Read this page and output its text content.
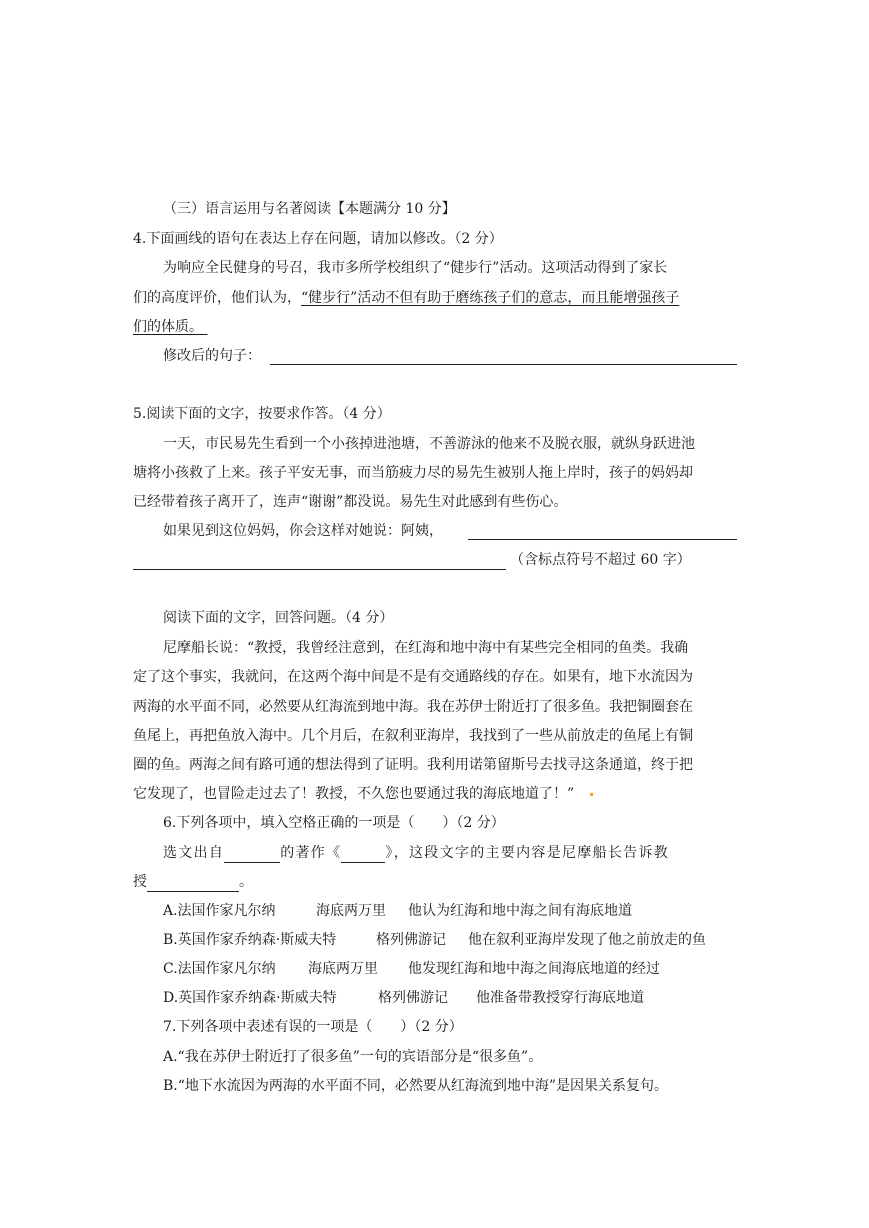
（三）语言运用与名著阅读【本题满分 10 分】
4.下面画线的语句在表达上存在问题，请加以修改。（2 分）
为响应全民健身的号召，我市多所学校组织了“健步行”活动。这项活动得到了家长
们的高度评价，他们认为，“健步行”活动不但有助于磨练孩子们的意志，而且能增强孩子
们的体质。
修改后的句子：
5.阅读下面的文字，按要求作答。（4 分）
一天，市民易先生看到一个小孩掉进池塘，不善游泳的他来不及脱衣服，就纵身跃进池
塘将小孩救了上来。孩子平安无事，而当筋疲力尽的易先生被别人拖上岸时，孩子的妈妈却
已经带着孩子离开了，连声“谢谢”都没说。易先生对此感到有些伤心。
如果见到这位妈妈，你会这样对她说：阿姨，
（含标点符号不超过 60 字）
阅读下面的文字，回答问题。（4 分）
尼摩船长说：“教授，我曾经注意到，在红海和地中海中有某些完全相同的鱼类。我确
定了这个事实，我就问，在这两个海中间是不是有交通路线的存在。如果有，地下水流因为
两海的水平面不同，必然要从红海流到地中海。我在苏伊士附近打了很多鱼。我把铜圈套在
鱼尾上，再把鱼放入海中。几个月后，在叙利亚海岸，我找到了一些从前放走的鱼尾上有铜
圈的鱼。两海之间有路可通的想法得到了证明。我利用诺第留斯号去找寻这条通道，终于把
它发现了，也冒险走过去了！教授，不久您也要通过我的海底地道了！”
6.下列各项中，填入空格正确的一项是（　　）（2 分）
选文出自	的著作《	》，这段文字的主要内容是尼摩船长告诉教
授	。
A.法国作家凡尔纳	海底两万里 他认为红海和地中海之间有海底地道
B.英国作家乔纳森·斯威夫特	格列佛游记 他在叙利亚海岸发现了他之前放走的鱼
C.法国作家凡尔纳 海底两万里 他发现红海和地中海之间海底地道的经过
D.英国作家乔纳森·斯威夫特	格列佛游记 他准备带教授穿行海底地道
7.下列各项中表述有误的一项是（　　）（2 分）
A.“我在苏伊士附近打了很多鱼”一句的宾语部分是“很多鱼”。
B.“地下水流因为两海的水平面不同，必然要从红海流到地中海”是因果关系复句。
